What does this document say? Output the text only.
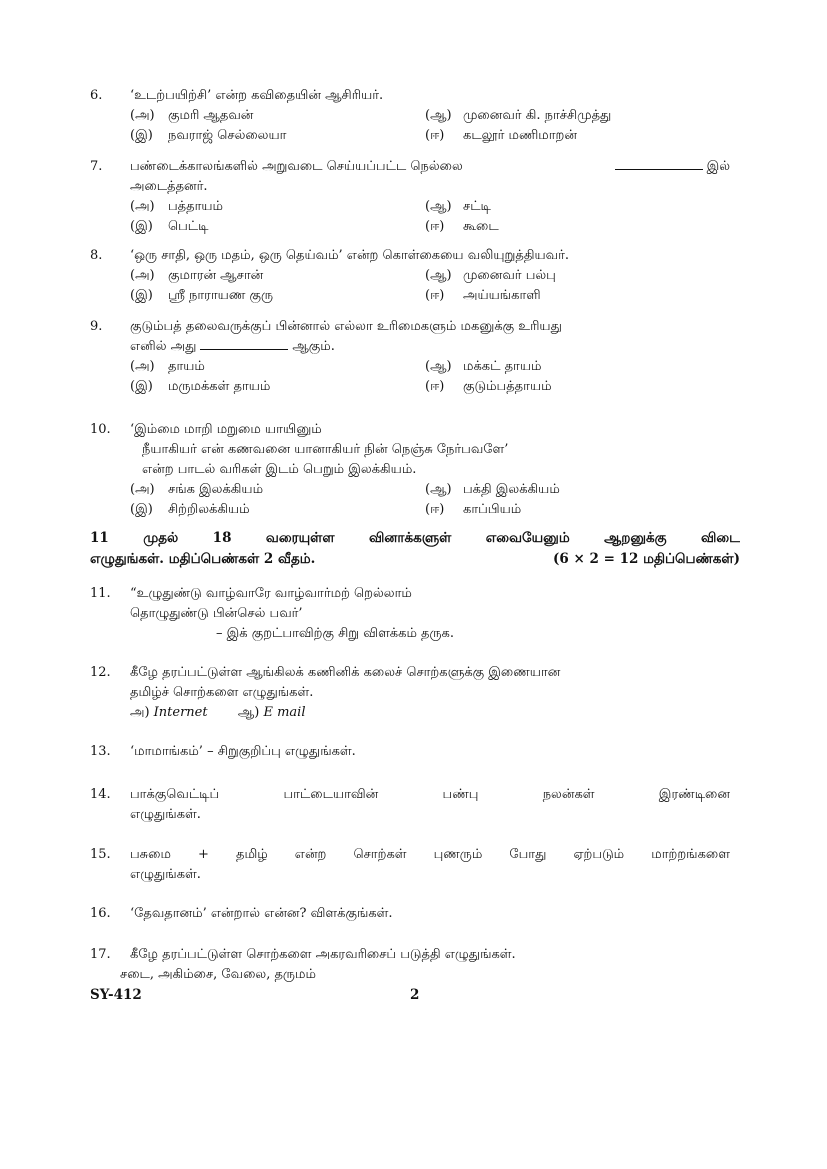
6.	‘உடற்பயிற்சி’ என்ற கவிதையின் ஆசிரியர்.
(அ) குமரி ஆதவன்	(ஆ) முனைவர் கி. நாச்சிமுத்து
(இ) நவராஜ் செல்லையா	(ஈ) கடலூர் மணிமாறன்
7.	பண்டைக்காலங்களில் அறுவடை செய்யப்பட்ட நெல்லை	இல்
அடைத்தனர்.
(அ) பத்தாயம்	(ஆ) சட்டி
(இ) பெட்டி	(ஈ) கூடை
8.	‘ஒரு சாதி, ஒரு மதம், ஒரு தெய்வம்’ என்ற கொள்கையை வலியுறுத்தியவர்.
(அ) குமாரன் ஆசான்	(ஆ) முனைவர் பல்பு
(இ) ஸ்ரீ நாராயண குரு	(ஈ) அய்யங்காளி
9.	குடும்பத் தலைவருக்குப் பின்னால் எல்லா உரிமைகளும் மகனுக்கு உரியது
எனில் அது	ஆகும்.
(அ) தாயம்	(ஆ) மக்கட் தாயம்
(இ) மருமக்கள் தாயம்	(ஈ) குடும்பத்தாயம்
10.	‘இம்மை மாறி மறுமை யாயினும்
நீயாகியர் என் கணவனை யானாகியர் நின் நெஞ்சு நேர்பவளே’
என்ற பாடல் வரிகள் இடம் பெறும் இலக்கியம்.
(அ) சங்க இலக்கியம்	(ஆ) பக்தி இலக்கியம்
(இ) சிற்றிலக்கியம்	(ஈ) காப்பியம்
11	முதல்	18	வரையுள்ள	வினாக்களுள்	எவையேனும்	ஆறனுக்கு	விடை
எழுதுங்கள். மதிப்பெண்கள் 2 வீதம்.	(6 × 2 = 12 மதிப்பெண்கள்)
11.	“உழுதுண்டு வாழ்வாரே வாழ்வார்மற் றெல்லாம்
தொழுதுண்டு பின்செல் பவர்’
– இக் குறட்பாவிற்கு சிறு விளக்கம் தருக.
12.	கீழே தரப்பட்டுள்ள ஆங்கிலக் கணினிக் கலைச் சொற்களுக்கு இணையான
தமிழ்ச் சொற்களை எழுதுங்கள்.
அ) Internet ஆ) E mail
13.	‘மாமாங்கம்’ – சிறுகுறிப்பு எழுதுங்கள்.
14.	பாக்குவெட்டிப்	பாட்டையாவின்	பண்பு	நலன்கள்	இரண்டினை
எழுதுங்கள்.
15.	பசுமை + தமிழ் என்ற சொற்கள் புணரும் போது ஏற்படும் மாற்றங்களை
எழுதுங்கள்.
16.	‘தேவதானம்’ என்றால் என்ன? விளக்குங்கள்.
17.	கீழே தரப்பட்டுள்ள சொற்களை அகரவரிசைப் படுத்தி எழுதுங்கள்.
சடை, அகிம்சை, வேலை, தருமம்
SY-412	2
